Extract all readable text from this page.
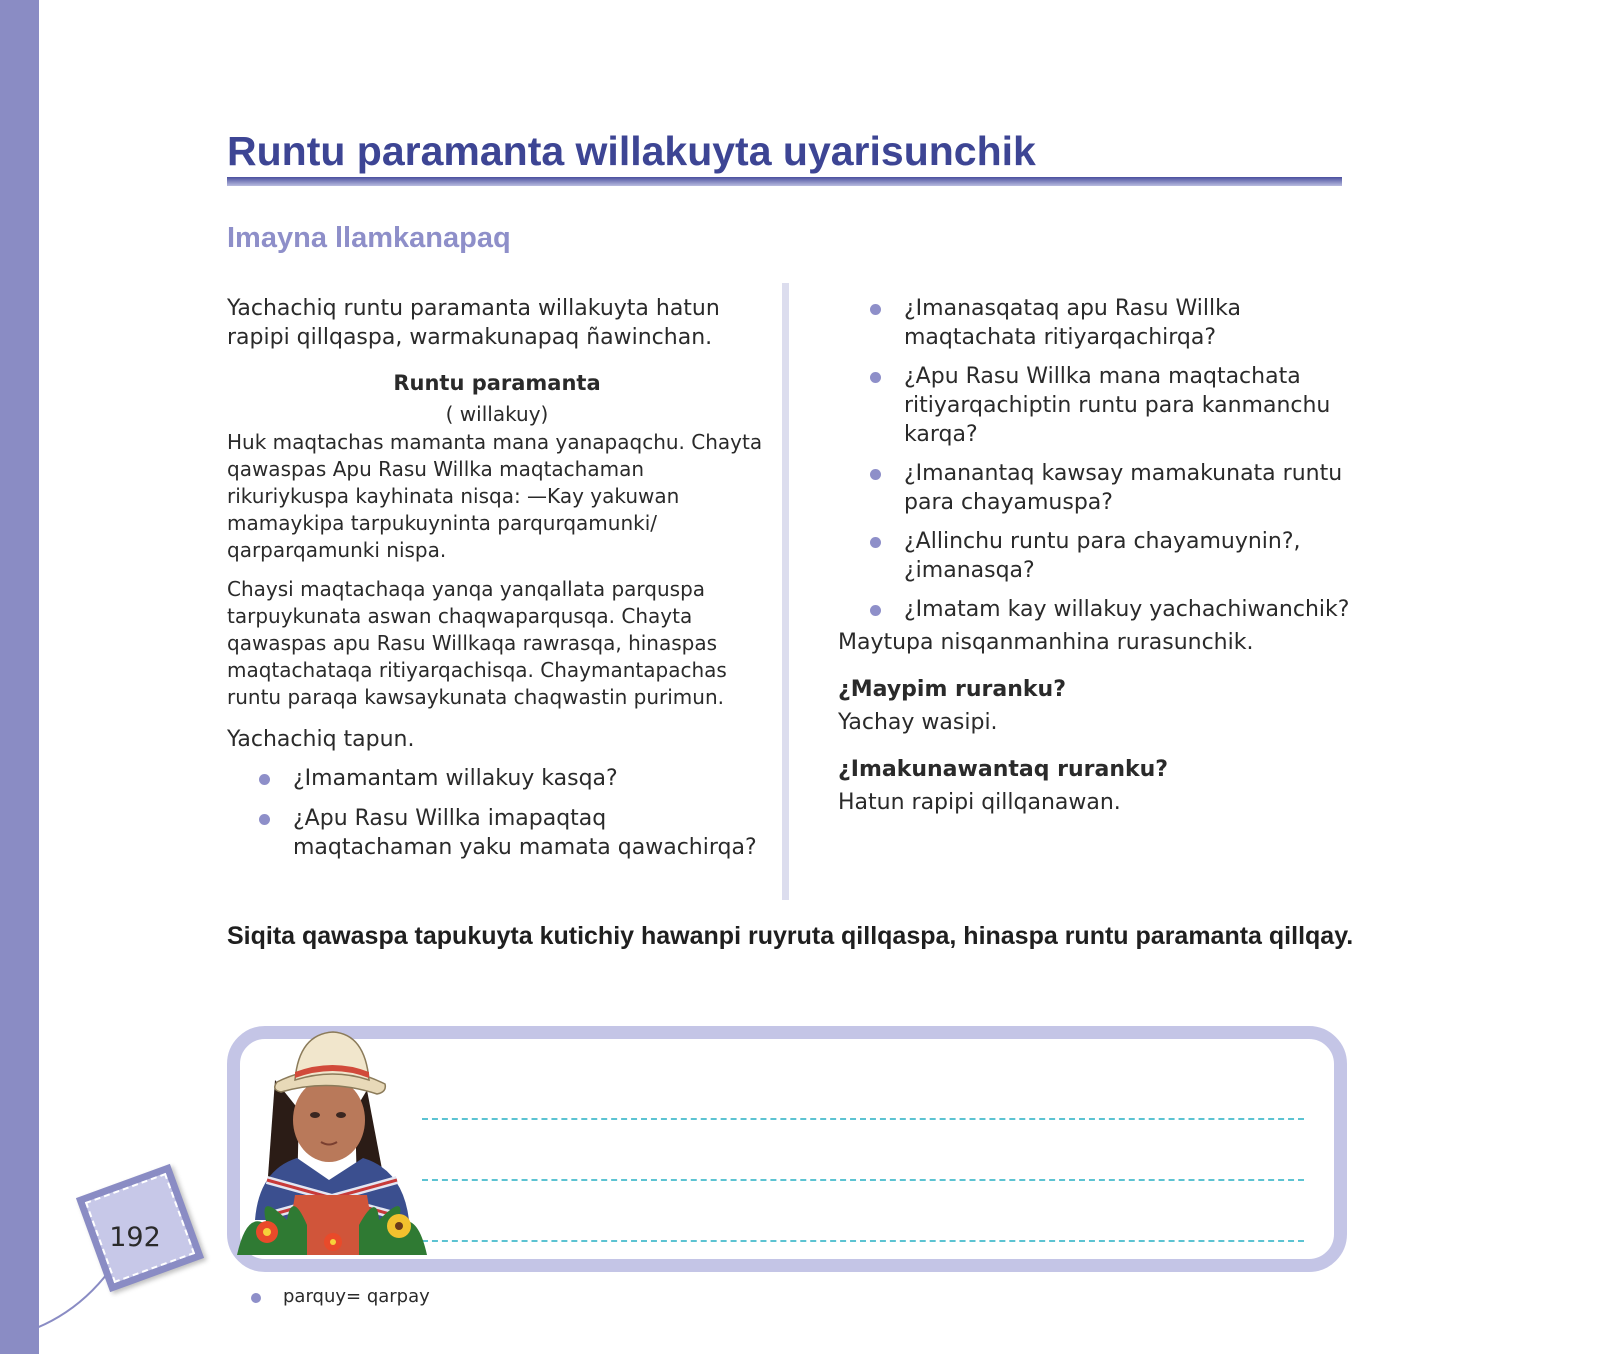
Runtu paramanta willakuyta uyarisunchik
Imayna llamkanapaq

Yachachiq runtu paramanta willakuyta hatun rapipi qillqaspa, warmakunapaq ñawinchan.

Runtu paramanta

( willakuy)

Huk maqtachas mamanta mana yanapaqchu. Chayta qawaspas Apu Rasu Willka maqtachaman rikuriykuspa kayhinata nisqa: —Kay yakuwan mamaykipa tarpukuyninta parqurqamunki/ qarparqamunki nispa.

Chaysi maqtachaqa yanqa yanqallata parquspa tarpuykunata aswan chaqwaparqusqa. Chayta qawaspas apu Rasu Willkaqa rawrasqa, hinaspas maqtachataqa ritiyarqachisqa. Chaymantapachas runtu paraqa kawsaykunata chaqwastin purimun.

Yachachiq tapun.

¿Imamantam willakuy kasqa?
¿Apu Rasu Willka imapaqtaq maqtachaman yaku mamata qawachirqa?
¿Imanasqataq apu Rasu Willka maqtachata ritiyarqachirqa?
¿Apu Rasu Willka mana maqtachata ritiyarqachiptin runtu para kanmanchu karqa?
¿Imanantaq kawsay mamakunata runtu para chayamuspa?
¿Allinchu runtu para chayamuynin?, ¿imanasqa?
¿Imatam kay willakuy yachachiwanchik?

Maytupa nisqanmanhina rurasunchik.

¿Maypim ruranku?

Yachay wasipi.

¿Imakunawantaq ruranku?

Hatun rapipi qillqanawan.

Siqita qawaspa tapukuyta kutichiy hawanpi ruyruta qillqaspa, hinaspa runtu paramanta qillqay.

192
parquy= qarpay
